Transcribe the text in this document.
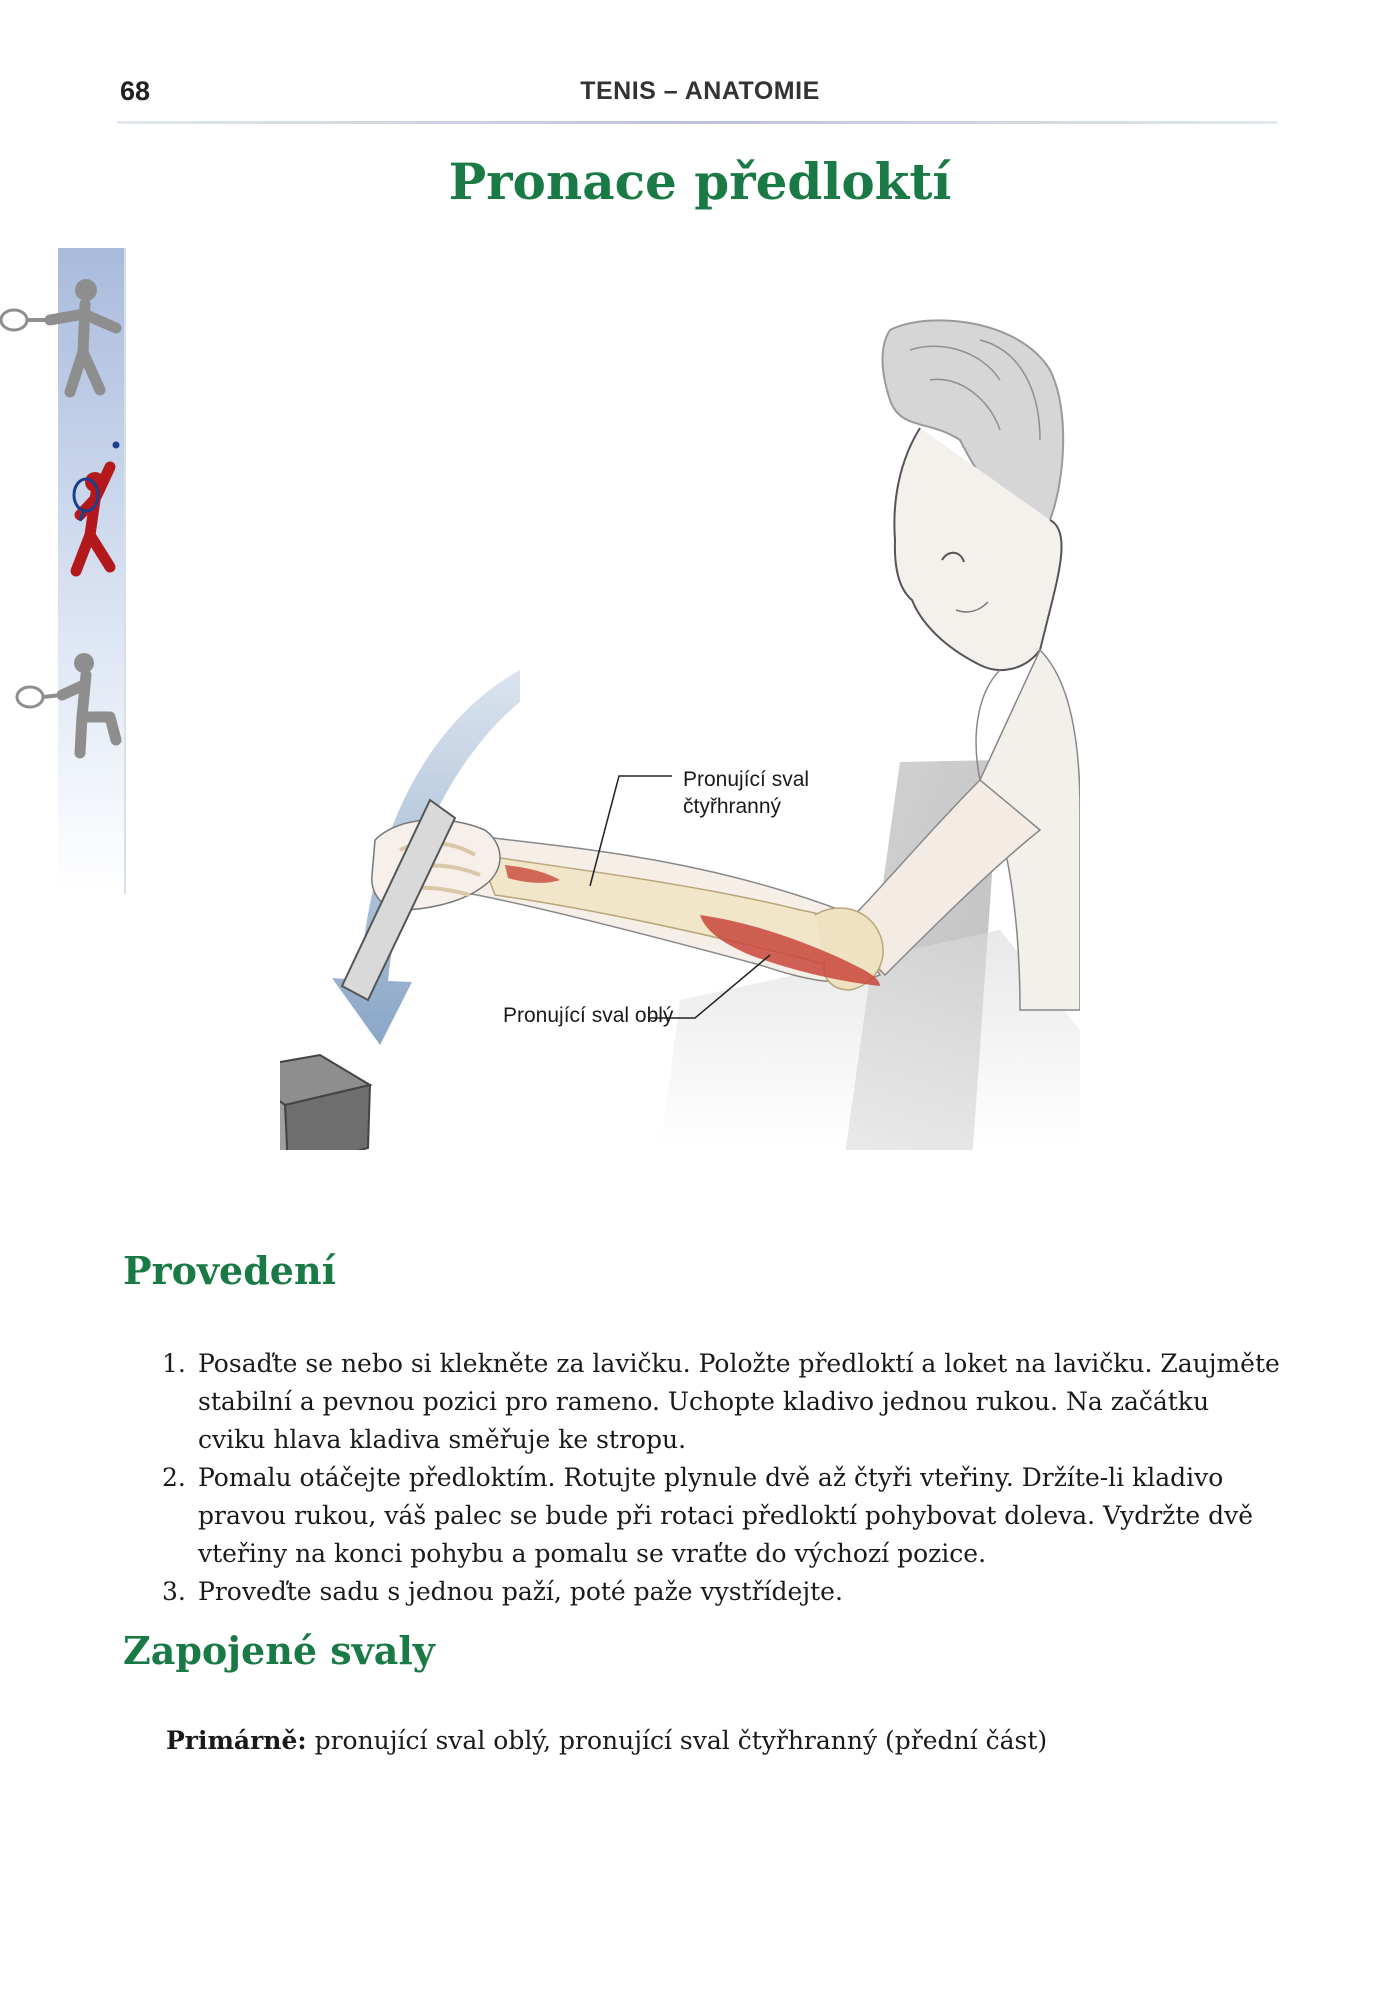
68	TENIS – ANATOMIE
Pronace předloktí
Pronující sval
čtyřhranný
Pronující sval oblý
Provedení
1. Posaďte se nebo si klekněte za lavičku. Položte předloktí a loket na lavičku. Zaujměte stabilní a pevnou pozici pro rameno. Uchopte kladivo jednou rukou. Na začátku cviku hlava kladiva směřuje ke stropu.
2. Pomalu otáčejte předloktím. Rotujte plynule dvě až čtyři vteřiny. Držíte-li kladivo pravou rukou, váš palec se bude při rotaci předloktí pohybovat doleva. Vydržte dvě vteřiny na konci pohybu a pomalu se vraťte do výchozí pozice.
3. Proveďte sadu s jednou paží, poté paže vystřídejte.
Zapojené svaly
Primárně: pronující sval oblý, pronující sval čtyřhranný (přední část)
